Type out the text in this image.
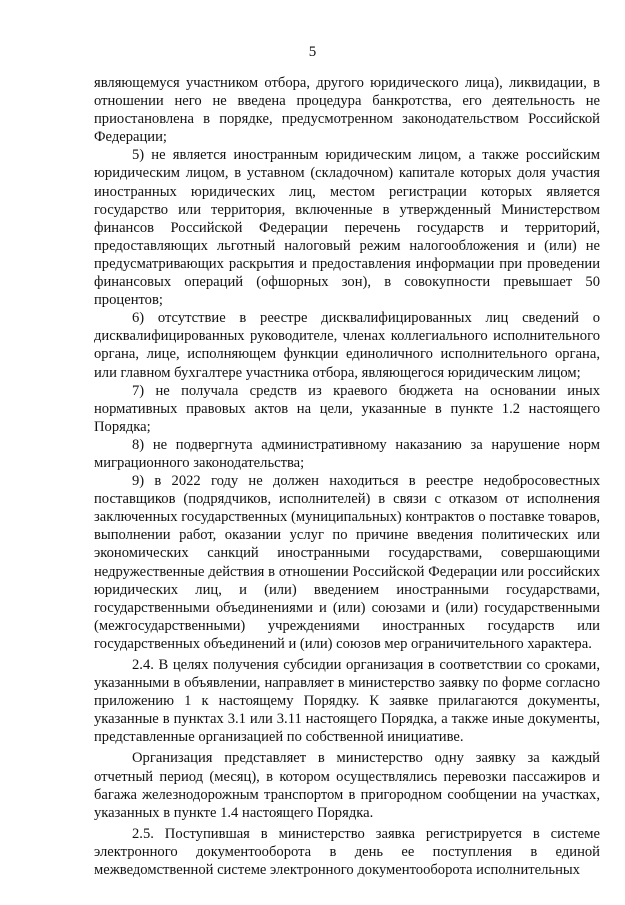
5

являющемуся участником отбора, другого юридического лица), ликвидации, в отношении него не введена процедура банкротства, его деятельность не приостановлена в порядке, предусмотренном законодательством Российской Федерации;

5) не является иностранным юридическим лицом, а также российским юридическим лицом, в уставном (складочном) капитале которых доля участия иностранных юридических лиц, местом регистрации которых является государство или территория, включенные в утвержденный Министерством финансов Российской Федерации перечень государств и территорий, предоставляющих льготный налоговый режим налогообложения и (или) не предусматривающих раскрытия и предоставления информации при проведении финансовых операций (офшорных зон), в совокупности превышает 50 процентов;

6) отсутствие в реестре дисквалифицированных лиц сведений о дисквалифицированных руководителе, членах коллегиального исполнительного органа, лице, исполняющем функции единоличного исполнительного органа, или главном бухгалтере участника отбора, являющегося юридическим лицом;

7) не получала средств из краевого бюджета на основании иных нормативных правовых актов на цели, указанные в пункте 1.2 настоящего Порядка;

8) не подвергнута административному наказанию за нарушение норм миграционного законодательства;

9) в 2022 году не должен находиться в реестре недобросовестных поставщиков (подрядчиков, исполнителей) в связи с отказом от исполнения заключенных государственных (муниципальных) контрактов о поставке товаров, выполнении работ, оказании услуг по причине введения политических или экономических санкций иностранными государствами, совершающими недружественные действия в отношении Российской Федерации или российских юридических лиц, и (или) введением иностранными государствами, государственными объединениями и (или) союзами и (или) государственными (межгосударственными) учреждениями иностранных государств или государственных объединений и (или) союзов мер ограничительного характера.

2.4. В целях получения субсидии организация в соответствии со сроками, указанными в объявлении, направляет в министерство заявку по форме согласно приложению 1 к настоящему Порядку. К заявке прилагаются документы, указанные в пунктах 3.1 или 3.11 настоящего Порядка, а также иные документы, представленные организацией по собственной инициативе.

Организация представляет в министерство одну заявку за каждый отчетный период (месяц), в котором осуществлялись перевозки пассажиров и багажа железнодорожным транспортом в пригородном сообщении на участках, указанных в пункте 1.4 настоящего Порядка.

2.5. Поступившая в министерство заявка регистрируется в системе электронного документооборота в день ее поступления в единой межведомственной системе электронного документооборота исполнительных
